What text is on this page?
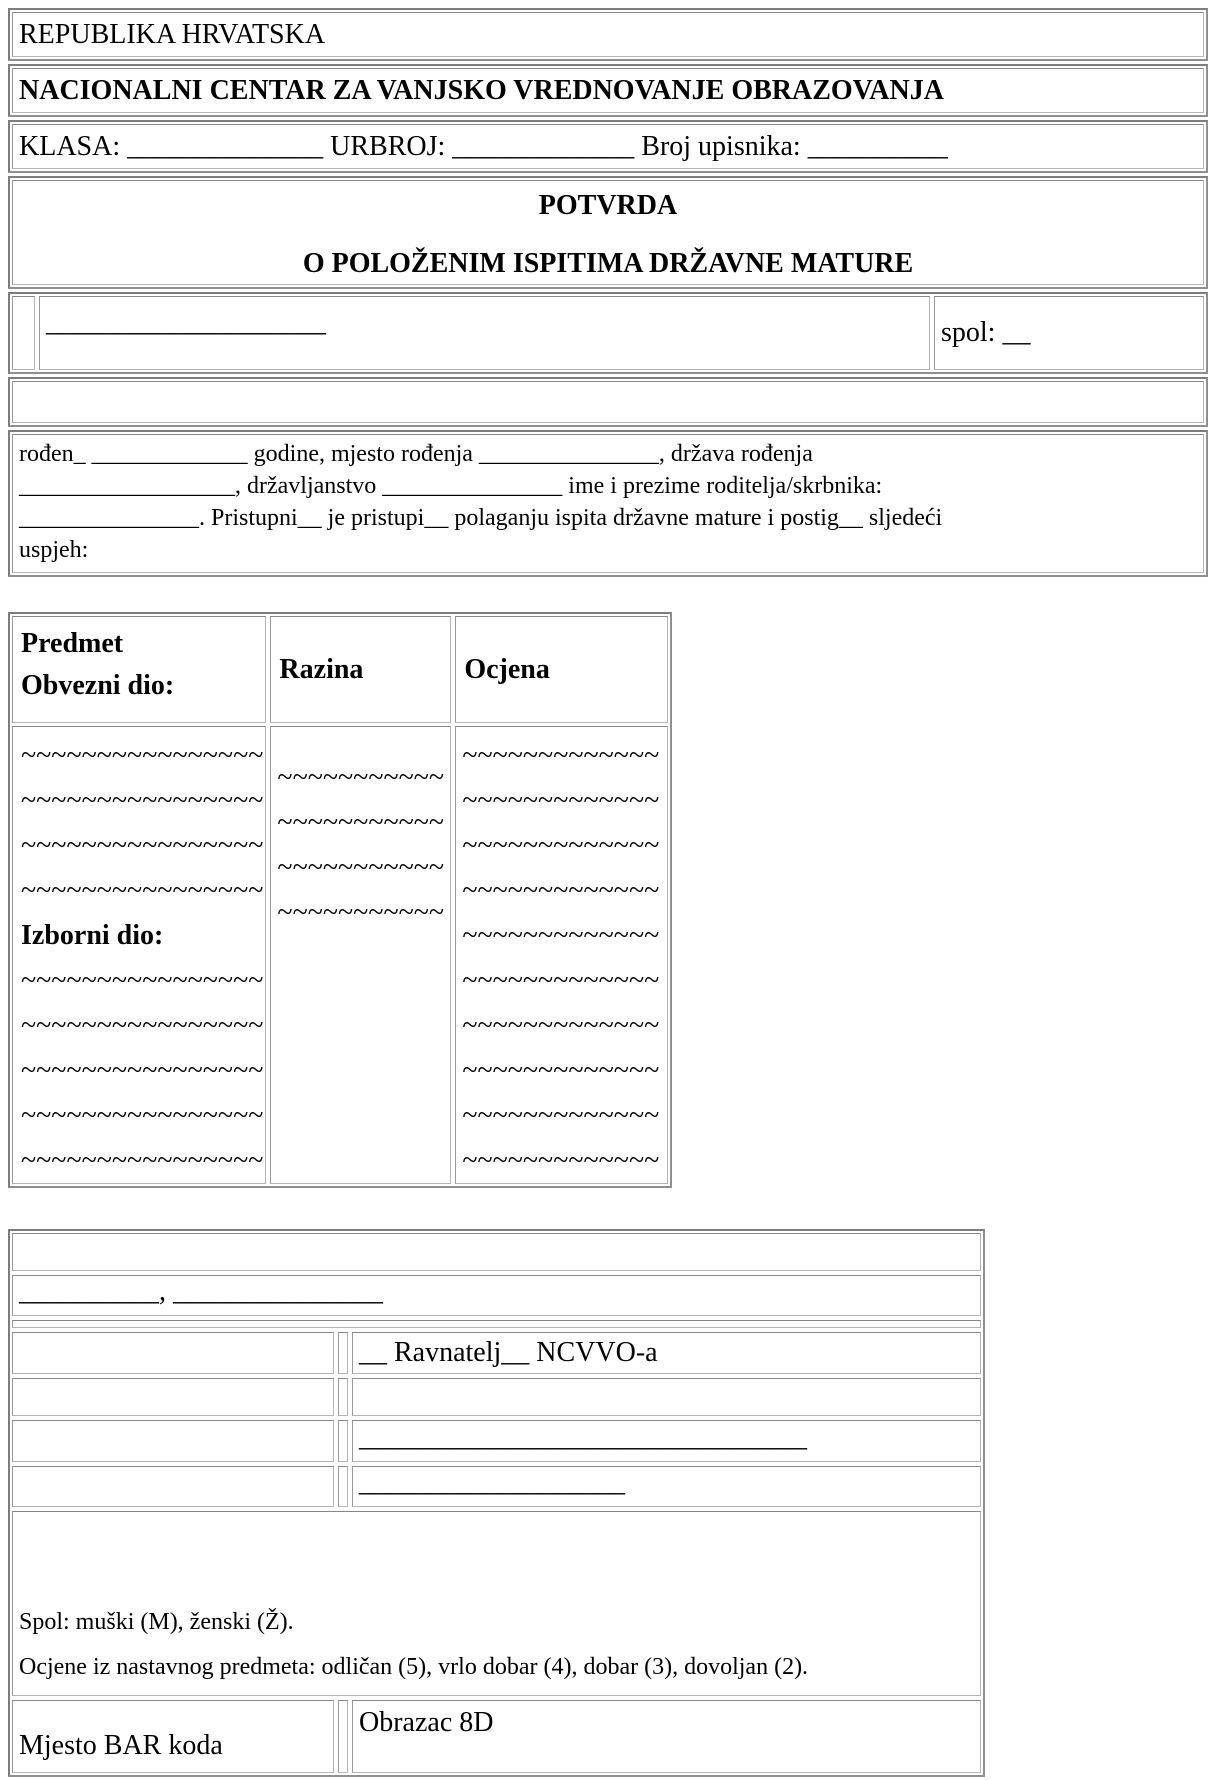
REPUBLIKA HRVATSKA
NACIONALNI CENTAR ZA VANJSKO VREDNOVANJE OBRAZOVANJA
KLASA: ______________ URBROJ: _____________ Broj upisnika: __________
POTVRDA
O POLOŽENIM ISPITIMA DRŽAVNE MATURE
____________________	spol: __
rođen_ _____________ godine, mjesto rođenja _______________, država rođenja
__________________, državljanstvo _______________ ime i prezime roditelja/skrbnika:
_______________. Pristupni__ je pristupi__ polaganju ispita državne mature i postig__ sljedeći
uspjeh:
Predmet
Obvezni dio:
Razina	Ocjena
~~~~~~~~~~~~~~~~
~~~~~~~~~~~~~~~~
~~~~~~~~~~~~~~~~
~~~~~~~~~~~~~~~~
Izborni dio:
~~~~~~~~~~~~~~~~
~~~~~~~~~~~~~~~~
~~~~~~~~~~~~~~~~
~~~~~~~~~~~~~~~~
~~~~~~~~~~~~~~~~
~~~~~~~~~~~
~~~~~~~~~~~
~~~~~~~~~~~
~~~~~~~~~~~
~~~~~~~~~~~~~
~~~~~~~~~~~~~
~~~~~~~~~~~~~
~~~~~~~~~~~~~
~~~~~~~~~~~~~
~~~~~~~~~~~~~
~~~~~~~~~~~~~
~~~~~~~~~~~~~
~~~~~~~~~~~~~
~~~~~~~~~~~~~
__________, _______________
__ Ravnatelj__ NCVVO-a
________________________________
___________________
Spol: muški (M), ženski (Ž).
Ocjene iz nastavnog predmeta: odličan (5), vrlo dobar (4), dobar (3), dovoljan (2).
Mjesto BAR koda
Obrazac 8D
